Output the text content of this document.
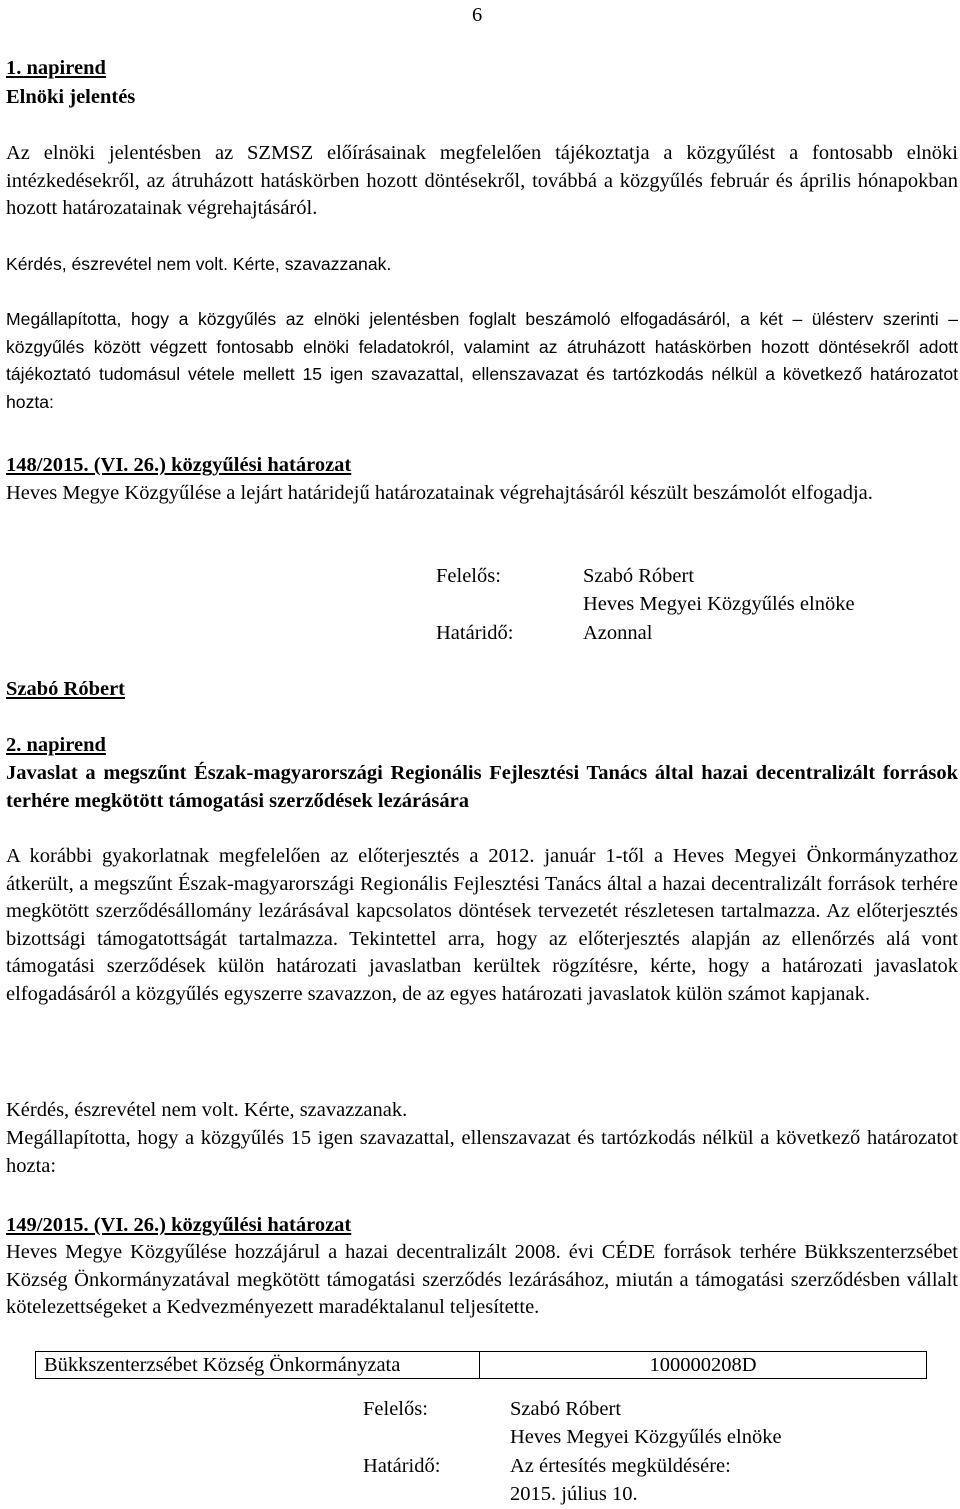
6
1. napirend
Elnöki jelentés

Az elnöki jelentésben az SZMSZ előírásainak megfelelően tájékoztatja a közgyűlést a fontosabb elnöki intézkedésekről, az átruházott hatáskörben hozott döntésekről, továbbá a közgyűlés február és április hónapokban hozott határozatainak végrehajtásáról.

Kérdés, észrevétel nem volt. Kérte, szavazzanak.

Megállapította, hogy a közgyűlés az elnöki jelentésben foglalt beszámoló elfogadásáról, a két – ülésterv szerinti – közgyűlés között végzett fontosabb elnöki feladatokról, valamint az átruházott hatáskörben hozott döntésekről adott tájékoztató tudomásul vétele mellett 15 igen szavazattal, ellenszavazat és tartózkodás nélkül a következő határozatot hozta:

148/2015. (VI. 26.) közgyűlési határozat

Heves Megye Közgyűlése a lejárt határidejű határozatainak végrehajtásáról készült beszámolót elfogadja.

Felelős:	Szabó Róbert
Heves Megyei Közgyűlés elnöke
Határidő:	Azonnal
Szabó Róbert
2. napirend
Javaslat a megszűnt Észak-magyarországi Regionális Fejlesztési Tanács által hazai decentralizált források terhére megkötött támogatási szerződések lezárására

A korábbi gyakorlatnak megfelelően az előterjesztés a 2012. január 1-től a Heves Megyei Önkormányzathoz átkerült, a megszűnt Észak-magyarországi Regionális Fejlesztési Tanács által a hazai decentralizált források terhére megkötött szerződésállomány lezárásával kapcsolatos döntések tervezetét részletesen tartalmazza. Az előterjesztés bizottsági támogatottságát tartalmazza. Tekintettel arra, hogy az előterjesztés alapján az ellenőrzés alá vont támogatási szerződések külön határozati javaslatban kerültek rögzítésre, kérte, hogy a határozati javaslatok elfogadásáról a közgyűlés egyszerre szavazzon, de az egyes határozati javaslatok külön számot kapjanak.

Kérdés, észrevétel nem volt. Kérte, szavazzanak.

Megállapította, hogy a közgyűlés 15 igen szavazattal, ellenszavazat és tartózkodás nélkül a következő határozatot hozta:

149/2015. (VI. 26.) közgyűlési határozat

Heves Megye Közgyűlése hozzájárul a hazai decentralizált 2008. évi CÉDE források terhére Bükkszenterzsébet Község Önkormányzatával megkötött támogatási szerződés lezárásához, miután a támogatási szerződésben vállalt kötelezettségeket a Kedvezményezett maradéktalanul teljesítette.

Bükkszenterzsébet Község Önkormányzata	100000208D
Felelős:	Szabó Róbert
Heves Megyei Közgyűlés elnöke
Határidő:	Az értesítés megküldésére:
2015. július 10.
